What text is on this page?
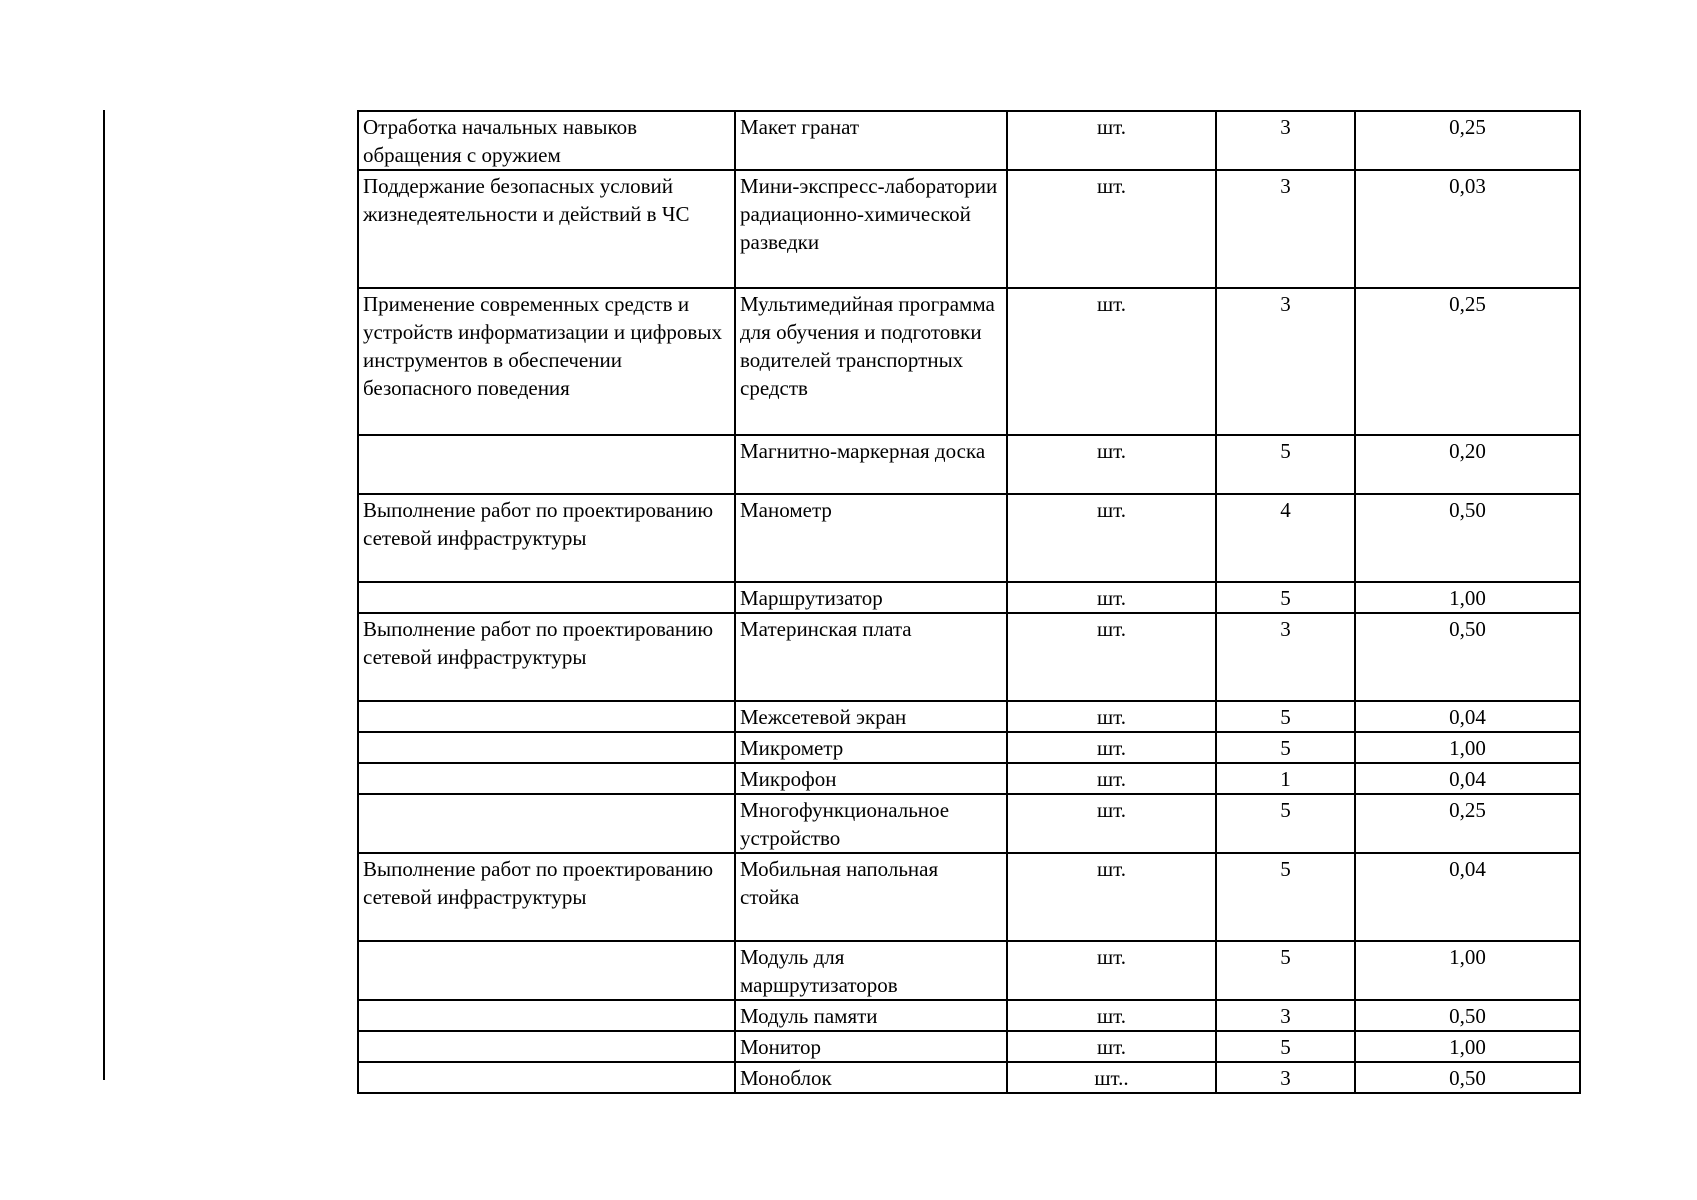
Отработка начальных навыков обращения с оружием	Макет гранат	шт.	3	0,25
Поддержание безопасных условий жизнедеятельности и действий в ЧС	Мини-экспресс-лаборатории радиационно-химической разведки	шт.	3	0,03
Применение современных средств и устройств информатизации и цифровых инструментов в обеспечении безопасного поведения	Мультимедийная программа для обучения и подготовки водителей транспортных средств	шт.	3	0,25
	Магнитно-маркерная доска	шт.	5	0,20
Выполнение работ по проектированию сетевой инфраструктуры	Манометр	шт.	4	0,50
	Маршрутизатор	шт.	5	1,00
Выполнение работ по проектированию сетевой инфраструктуры	Материнская плата	шт.	3	0,50
	Межсетевой экран	шт.	5	0,04
	Микрометр	шт.	5	1,00
	Микрофон	шт.	1	0,04
	Многофункциональное устройство	шт.	5	0,25
Выполнение работ по проектированию сетевой инфраструктуры	Мобильная напольная стойка	шт.	5	0,04
	Модуль для маршрутизаторов	шт.	5	1,00
	Модуль памяти	шт.	3	0,50
	Монитор	шт.	5	1,00
	Моноблок	шт..	3	0,50
